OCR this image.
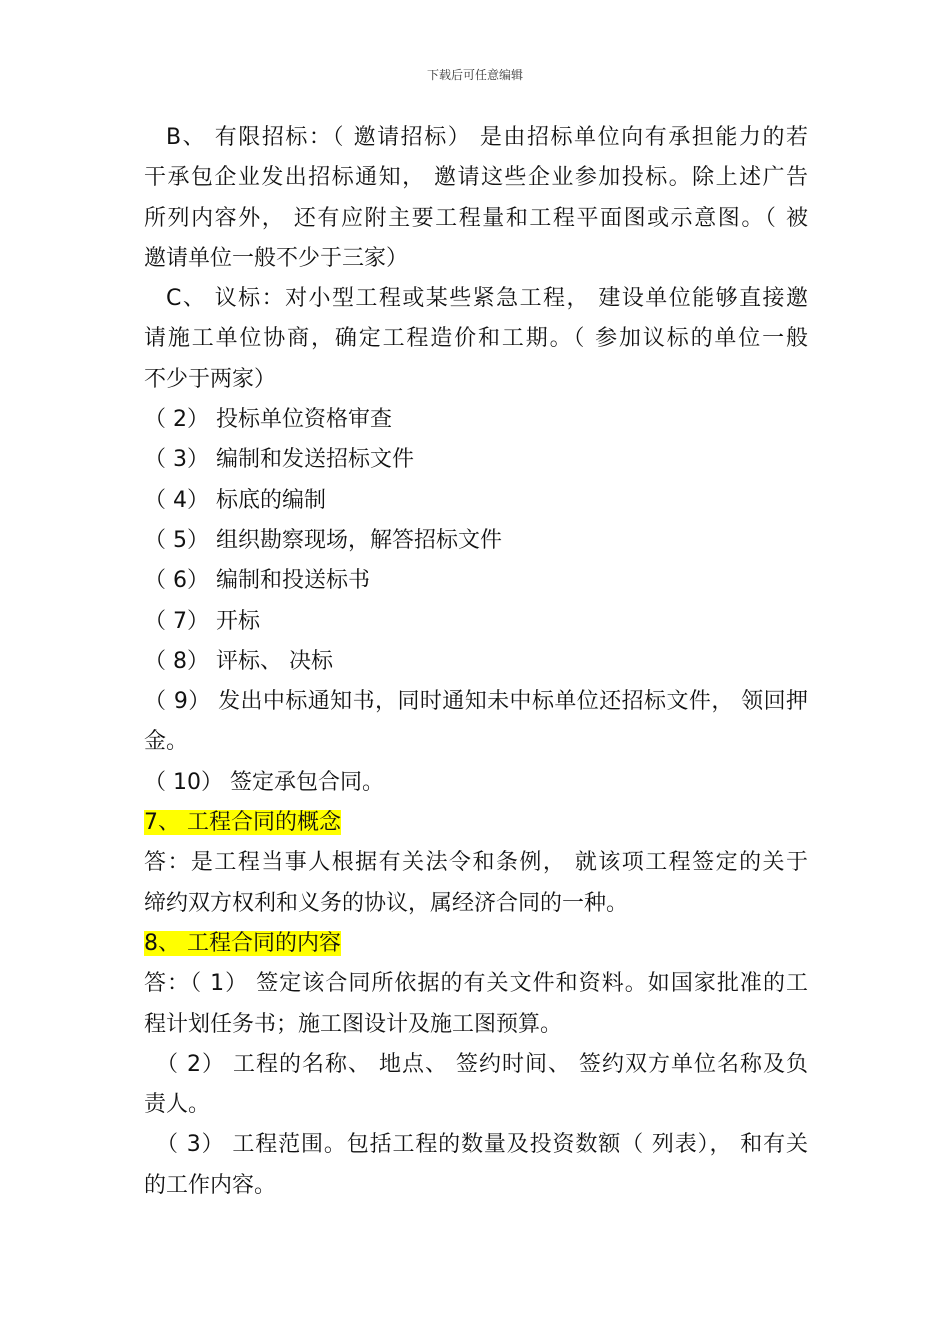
下载后可任意编辑
B、 有限招标：（ 邀请招标） 是由招标单位向有承担能力的若
干承包企业发出招标通知， 邀请这些企业参加投标。除上述广告
所列内容外， 还有应附主要工程量和工程平面图或示意图。（ 被
邀请单位一般不少于三家）
C、 议标：对小型工程或某些紧急工程， 建设单位能够直接邀
请施工单位协商，确定工程造价和工期。（ 参加议标的单位一般
不少于两家）
（ 2） 投标单位资格审查
（ 3） 编制和发送招标文件
（ 4） 标底的编制
（ 5） 组织勘察现场，解答招标文件
（ 6） 编制和投送标书
（ 7） 开标
（ 8） 评标、 决标
（ 9） 发出中标通知书，同时通知未中标单位还招标文件， 领回押
金。
（ 10） 签定承包合同。
7、 工程合同的概念
答：是工程当事人根据有关法令和条例， 就该项工程签定的关于
缔约双方权利和义务的协议，属经济合同的一种。
8、 工程合同的内容
答：（ 1） 签定该合同所依据的有关文件和资料。如国家批准的工
程计划任务书；施工图设计及施工图预算。
（ 2） 工程的名称、 地点、 签约时间、 签约双方单位名称及负
责人。
（ 3） 工程范围。包括工程的数量及投资数额（ 列表）， 和有关
的工作内容。
